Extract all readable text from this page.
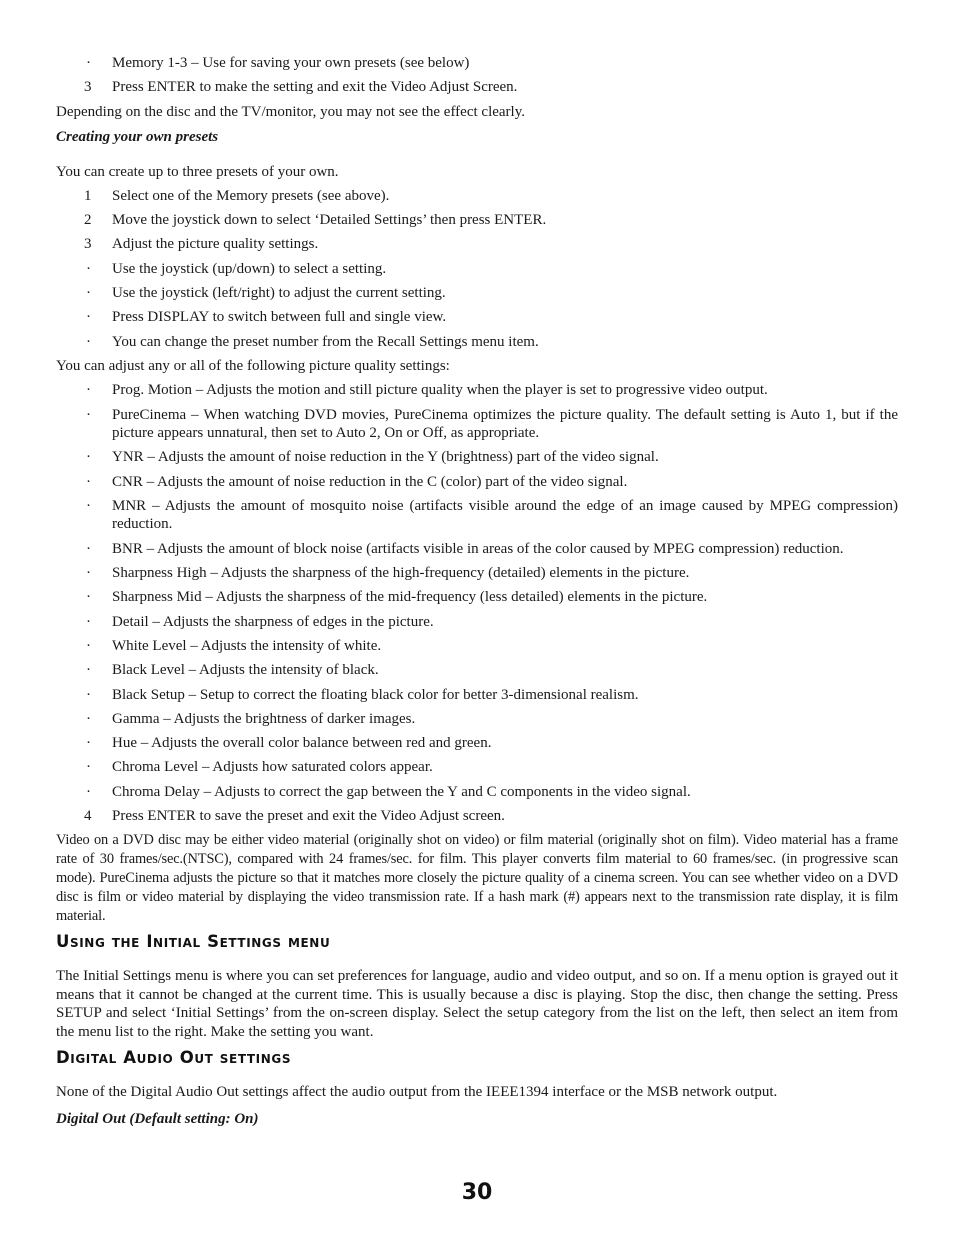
·	Memory 1-3 – Use for saving your own presets (see below)
3	Press ENTER to make the setting and exit the Video Adjust Screen.

Depending on the disc and the TV/monitor, you may not see the effect clearly.

Creating your own presets

You can create up to three presets of your own.

1	Select one of the Memory presets (see above).
2	Move the joystick down to select ‘Detailed Settings’ then press ENTER.
3	Adjust the picture quality settings.
·	Use the joystick (up/down) to select a setting.
·	Use the joystick (left/right) to adjust the current setting.
·	Press DISPLAY to switch between full and single view.
·	You can change the preset number from the Recall Settings menu item.

You can adjust any or all of the following picture quality settings:

·	Prog. Motion – Adjusts the motion and still picture quality when the player is set to progressive video output.
·	PureCinema – When watching DVD movies, PureCinema optimizes the picture quality. The default setting is Auto 1, but if the picture appears unnatural, then set to Auto 2, On or Off, as appropriate.
·	YNR – Adjusts the amount of noise reduction in the Y (brightness) part of the video signal.
·	CNR – Adjusts the amount of noise reduction in the C (color) part of the video signal.
·	MNR – Adjusts the amount of mosquito noise (artifacts visible around the edge of an image caused by MPEG compression) reduction.
·	BNR – Adjusts the amount of block noise (artifacts visible in areas of the color caused by MPEG compression) reduction.
·	Sharpness High – Adjusts the sharpness of the high-frequency (detailed) elements in the picture.
·	Sharpness Mid – Adjusts the sharpness of the mid-frequency (less detailed) elements in the picture.
·	Detail – Adjusts the sharpness of edges in the picture.
·	White Level – Adjusts the intensity of white.
·	Black Level – Adjusts the intensity of black.
·	Black Setup – Setup to correct the floating black color for better 3-dimensional realism.
·	Gamma – Adjusts the brightness of darker images.
·	Hue – Adjusts the overall color balance between red and green.
·	Chroma Level – Adjusts how saturated colors appear.
·	Chroma Delay – Adjusts to correct the gap between the Y and C components in the video signal.
4	Press ENTER to save the preset and exit the Video Adjust screen.

Video on a DVD disc may be either video material (originally shot on video) or film material (originally shot on film). Video material has a frame rate of 30 frames/sec.(NTSC), compared with 24 frames/sec. for film. This player converts film material to 60 frames/sec. (in progressive scan mode). PureCinema adjusts the picture so that it matches more closely the picture quality of a cinema screen. You can see whether video on a DVD disc is film or video material by displaying the video transmission rate. If a hash mark (#) appears next to the transmission rate display, it is film material.

Using the Initial Settings menu

The Initial Settings menu is where you can set preferences for language, audio and video output, and so on. If a menu option is grayed out it means that it cannot be changed at the current time. This is usually because a disc is playing. Stop the disc, then change the setting. Press SETUP and select ‘Initial Settings’ from the on-screen display. Select the setup category from the list on the left, then select an item from the menu list to the right. Make the setting you want.

Digital Audio Out settings

None of the Digital Audio Out settings affect the audio output from the IEEE1394 interface or the MSB network output.

Digital Out (Default setting: On)

30
